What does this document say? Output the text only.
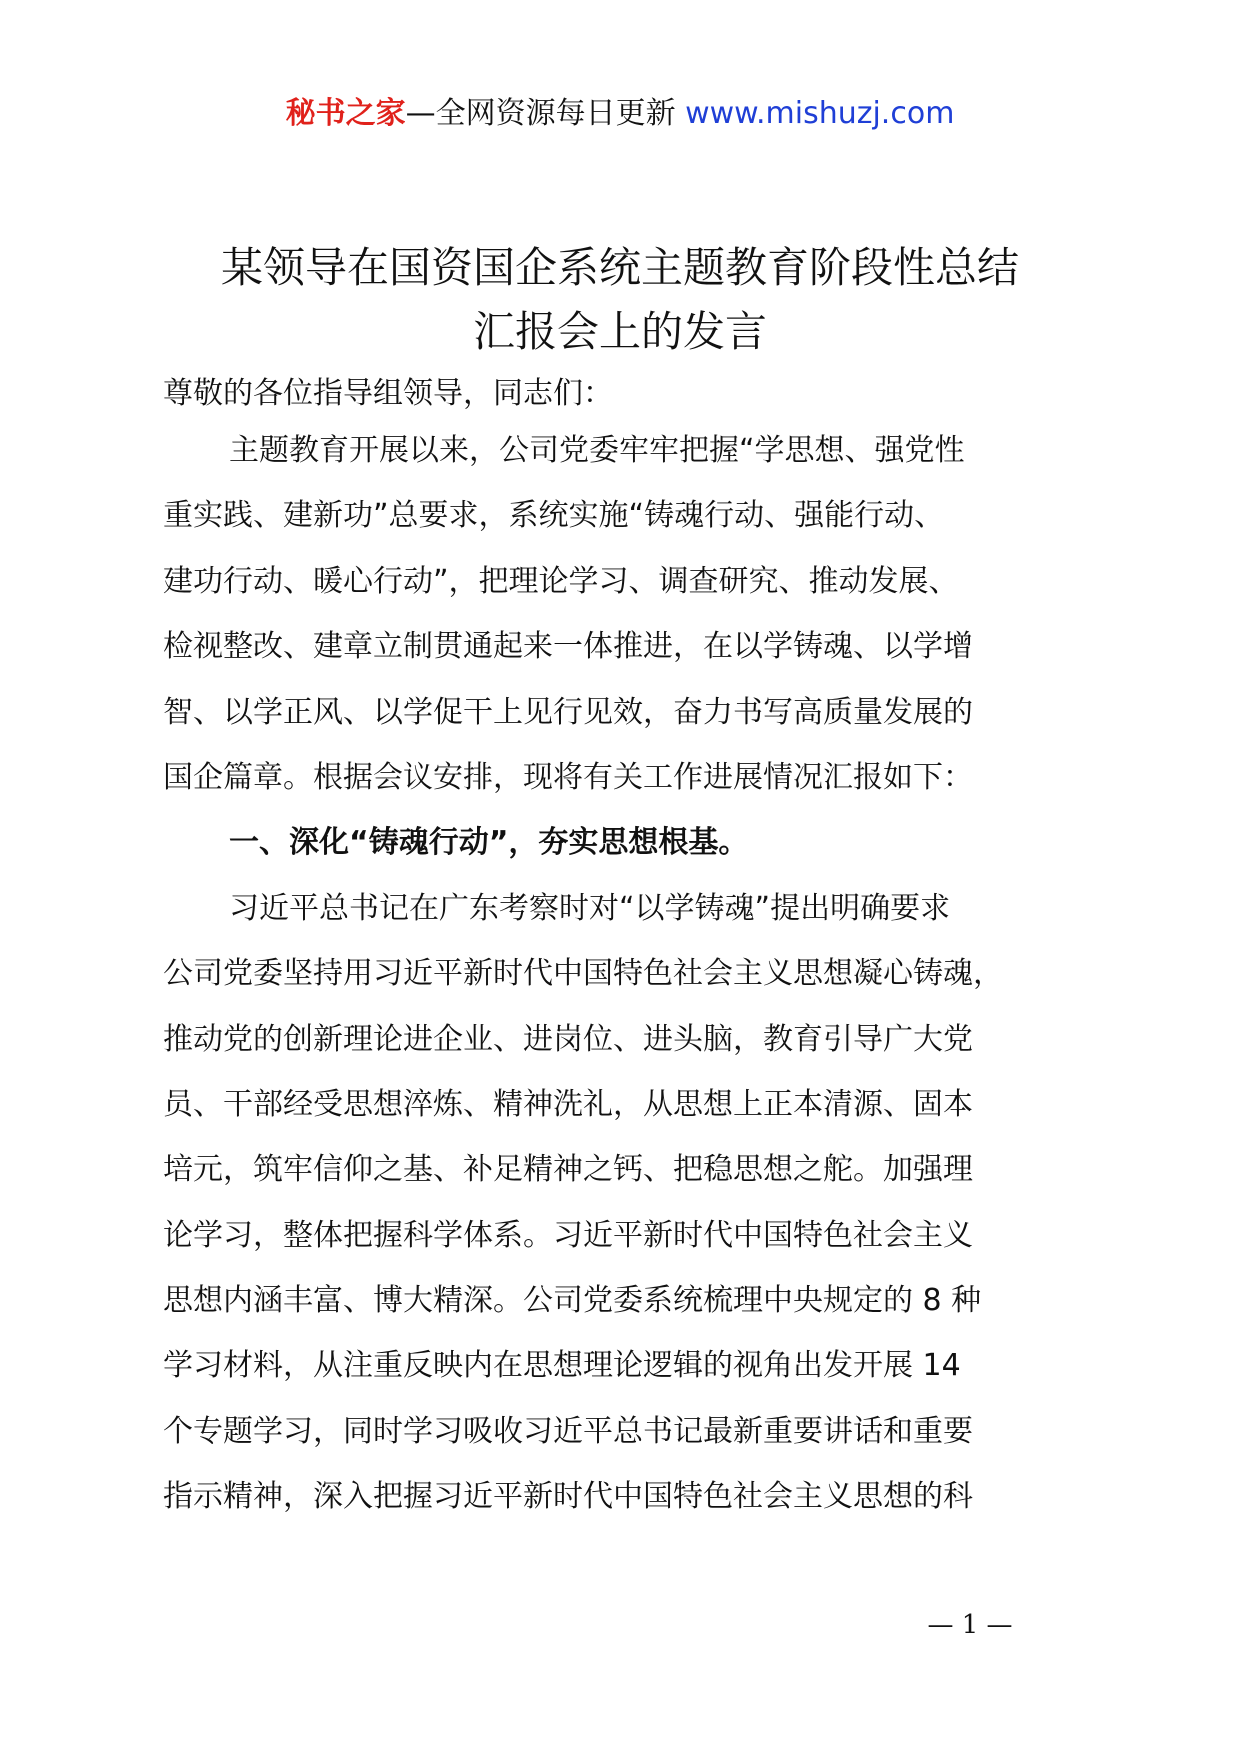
秘书之家—全网资源每日更新 www.mishuzj.com
某领导在国资国企系统主题教育阶段性总结
汇报会上的发言
尊敬的各位指导组领导，同志们：
主题教育开展以来，公司党委牢牢把握“学思想、强党性
重实践、建新功”总要求，系统实施“铸魂行动、强能行动、
建功行动、暖心行动”，把理论学习、调查研究、推动发展、
检视整改、建章立制贯通起来一体推进，在以学铸魂、以学增
智、以学正风、以学促干上见行见效，奋力书写高质量发展的
国企篇章。根据会议安排，现将有关工作进展情况汇报如下：
一、深化“铸魂行动”，夯实思想根基。
习近平总书记在广东考察时对“以学铸魂”提出明确要求
公司党委坚持用习近平新时代中国特色社会主义思想凝心铸魂，
推动党的创新理论进企业、进岗位、进头脑，教育引导广大党
员、干部经受思想淬炼、精神洗礼，从思想上正本清源、固本
培元，筑牢信仰之基、补足精神之钙、把稳思想之舵。加强理
论学习，整体把握科学体系。习近平新时代中国特色社会主义
思想内涵丰富、博大精深。公司党委系统梳理中央规定的 8 种
学习材料，从注重反映内在思想理论逻辑的视角出发开展 14
个专题学习，同时学习吸收习近平总书记最新重要讲话和重要
指示精神，深入把握习近平新时代中国特色社会主义思想的科
— 1 —
